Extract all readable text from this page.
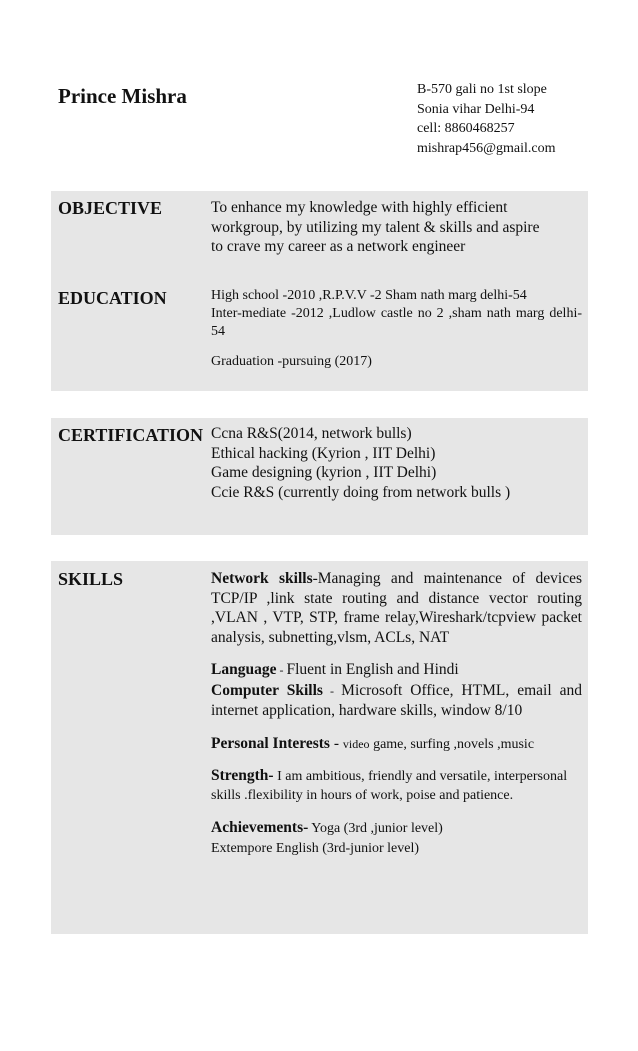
Prince Mishra	B-570 gali no 1st slope
Sonia vihar Delhi-94
cell: 8860468257
mishrap456@gmail.com
OBJECTIVE	To enhance my knowledge with highly efficient
workgroup, by utilizing my talent & skills and aspire
to crave my career as a network engineer
EDUCATION	High school -2010 ,R.P.V.V -2 Sham nath marg delhi-54
Inter-mediate -2012 ,Ludlow castle no 2 ,sham nath marg delhi-54
Graduation -pursuing (2017)
CERTIFICATION Ccna R&S(2014, network bulls)
Ethical hacking (Kyrion , IIT Delhi)
Game designing (kyrion , IIT Delhi)
Ccie R&S (currently doing from network bulls )
SKILLS	Network skills-Managing and maintenance of devices TCP/IP ,link state routing and distance vector routing ,VLAN , VTP, STP, frame relay,Wireshark/tcpview packet analysis, subnetting,vlsm, ACLs, NAT
Language - Fluent in English and Hindi
Computer Skills - Microsoft Office, HTML, email and internet application, hardware skills, window 8/10
Personal Interests - video game, surfing ,novels ,music
Strength- I am ambitious, friendly and versatile, interpersonal skills .flexibility in hours of work, poise and patience.
Achievements- Yoga (3rd ,junior level)
Extempore English (3rd-junior level)
